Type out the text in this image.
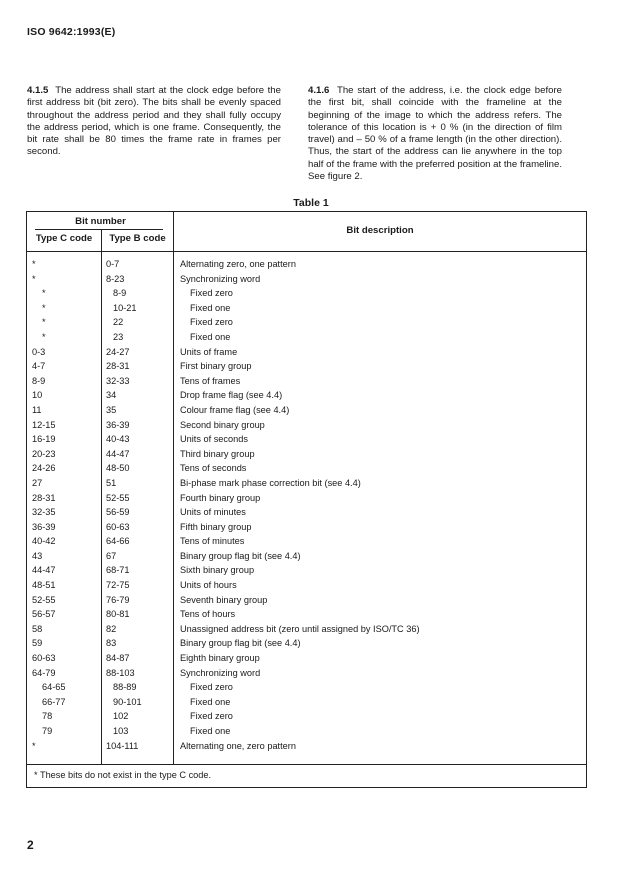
ISO 9642:1993(E)
4.1.5 The address shall start at the clock edge before the first address bit (bit zero). The bits shall be evenly spaced throughout the address period and they shall fully occupy the address period, which is one frame. Consequently, the bit rate shall be 80 times the frame rate in frames per second.
4.1.6 The start of the address, i.e. the clock edge before the first bit, shall coincide with the frameline at the beginning of the image to which the address refers. The tolerance of this location is + 0 % (in the direction of film travel) and – 50 % of a frame length (in the other direction). Thus, the start of the address can lie anywhere in the top half of the frame with the preferred position at the frameline. See figure 2.
Table 1
Bit number
Type C code	Type B code
Bit description
*	0-7	Alternating zero, one pattern
*	8-23	Synchronizing word
*	8-9	Fixed zero
*	10-21	Fixed one
*	22	Fixed zero
*	23	Fixed one
0-3	24-27	Units of frame
4-7	28-31	First binary group
8-9	32-33	Tens of frames
10	34	Drop frame flag (see 4.4)
11	35	Colour frame flag (see 4.4)
12-15	36-39	Second binary group
16-19	40-43	Units of seconds
20-23	44-47	Third binary group
24-26	48-50	Tens of seconds
27	51	Bi-phase mark phase correction bit (see 4.4)
28-31	52-55	Fourth binary group
32-35	56-59	Units of minutes
36-39	60-63	Fifth binary group
40-42	64-66	Tens of minutes
43	67	Binary group flag bit (see 4.4)
44-47	68-71	Sixth binary group
48-51	72-75	Units of hours
52-55	76-79	Seventh binary group
56-57	80-81	Tens of hours
58	82	Unassigned address bit (zero until assigned by ISO/TC 36)
59	83	Binary group flag bit (see 4.4)
60-63	84-87	Eighth binary group
64-79	88-103	Synchronizing word
64-65	88-89	Fixed zero
66-77	90-101	Fixed one
78	102	Fixed zero
79	103	Fixed one
*	104-111	Alternating one, zero pattern
* These bits do not exist in the type C code.
2
